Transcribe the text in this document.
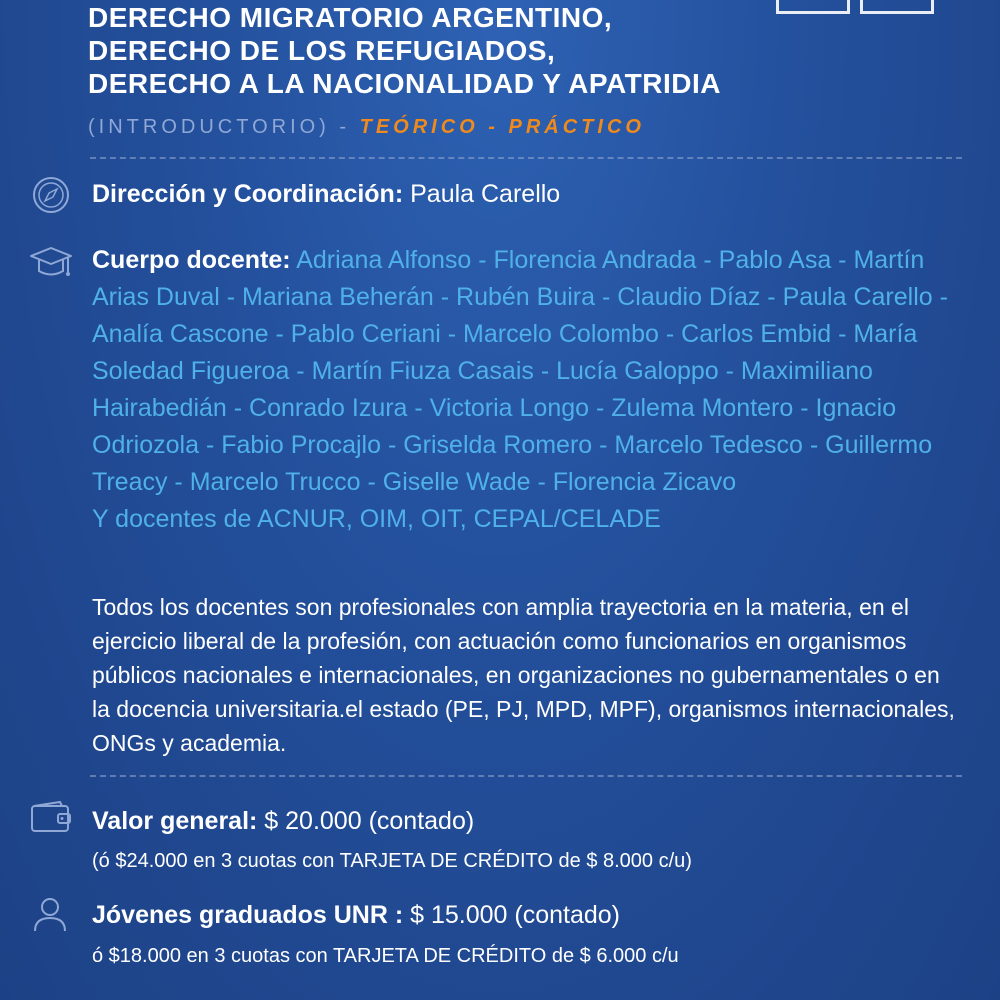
DERECHO MIGRATORIO ARGENTINO,
DERECHO DE LOS REFUGIADOS,
DERECHO A LA NACIONALIDAD Y APATRIDIA
(INTRODUCTORIO) - TEÓRICO - PRÁCTICO
Dirección y Coordinación: Paula Carello
Cuerpo docente: Adriana Alfonso - Florencia Andrada - Pablo Asa - Martín Arias Duval - Mariana Beherán - Rubén Buira - Claudio Díaz - Paula Carello - Analía Cascone - Pablo Ceriani - Marcelo Colombo - Carlos Embid - María Soledad Figueroa - Martín Fiuza Casais - Lucía Galoppo - Maximiliano Hairabedián - Conrado Izura - Victoria Longo - Zulema Montero - Ignacio Odriozola - Fabio Procajlo - Griselda Romero - Marcelo Tedesco - Guillermo Treacy - Marcelo Trucco - Giselle Wade - Florencia Zicavo
Y docentes de ACNUR, OIM, OIT, CEPAL/CELADE
Todos los docentes son profesionales con amplia trayectoria en la materia, en el ejercicio liberal de la profesión, con actuación como funcionarios en organismos públicos nacionales e internacionales, en organizaciones no gubernamentales o en la docencia universitaria.el estado (PE, PJ, MPD, MPF), organismos internacionales, ONGs y academia.
Valor general: $ 20.000 (contado)
(ó $24.000 en 3 cuotas con TARJETA DE CRÉDITO de $ 8.000 c/u)
Jóvenes graduados UNR : $ 15.000 (contado)
ó $18.000 en 3 cuotas con TARJETA DE CRÉDITO de $ 6.000 c/u
